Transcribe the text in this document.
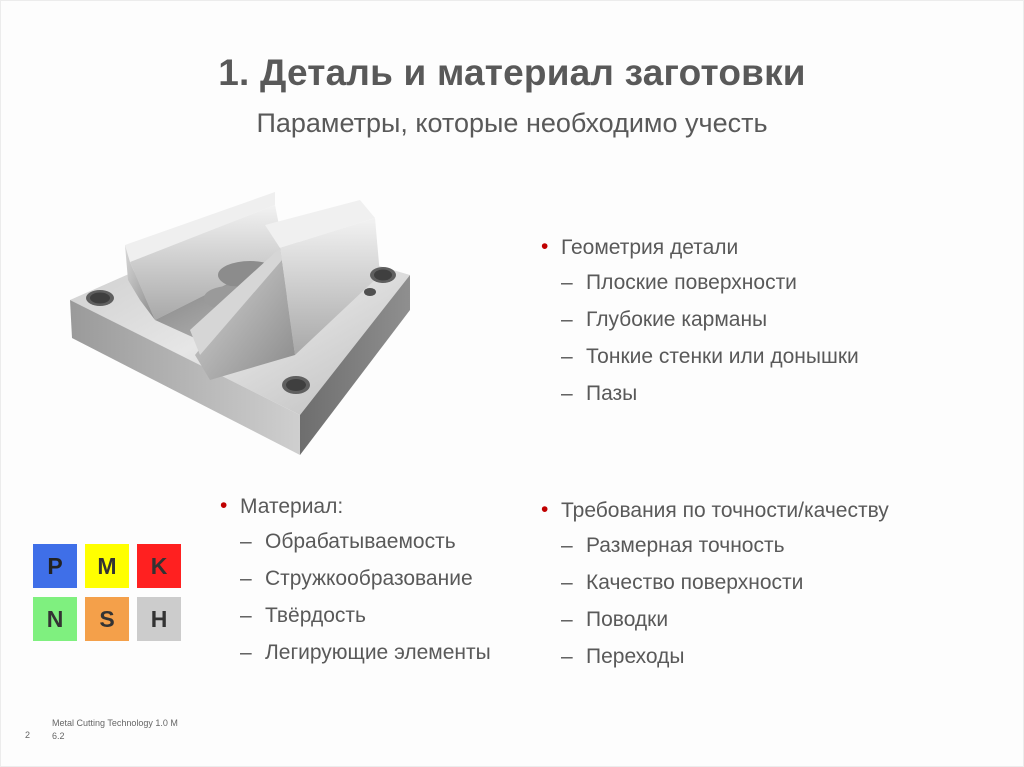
1. Деталь и материал заготовки
Параметры, которые необходимо учесть
• Геометрия детали
– Плоские поверхности
– Глубокие карманы
– Тонкие стенки или донышки
– Пазы
• Материал:
– Обрабатываемость
– Стружкообразование
– Твёрдость
– Легирующие элементы
• Требования по точности/качеству
– Размерная точность
– Качество поверхности
– Поводки
– Переходы
P M K
N S H
2
Metal Cutting Technology 1.0 M
6.2
